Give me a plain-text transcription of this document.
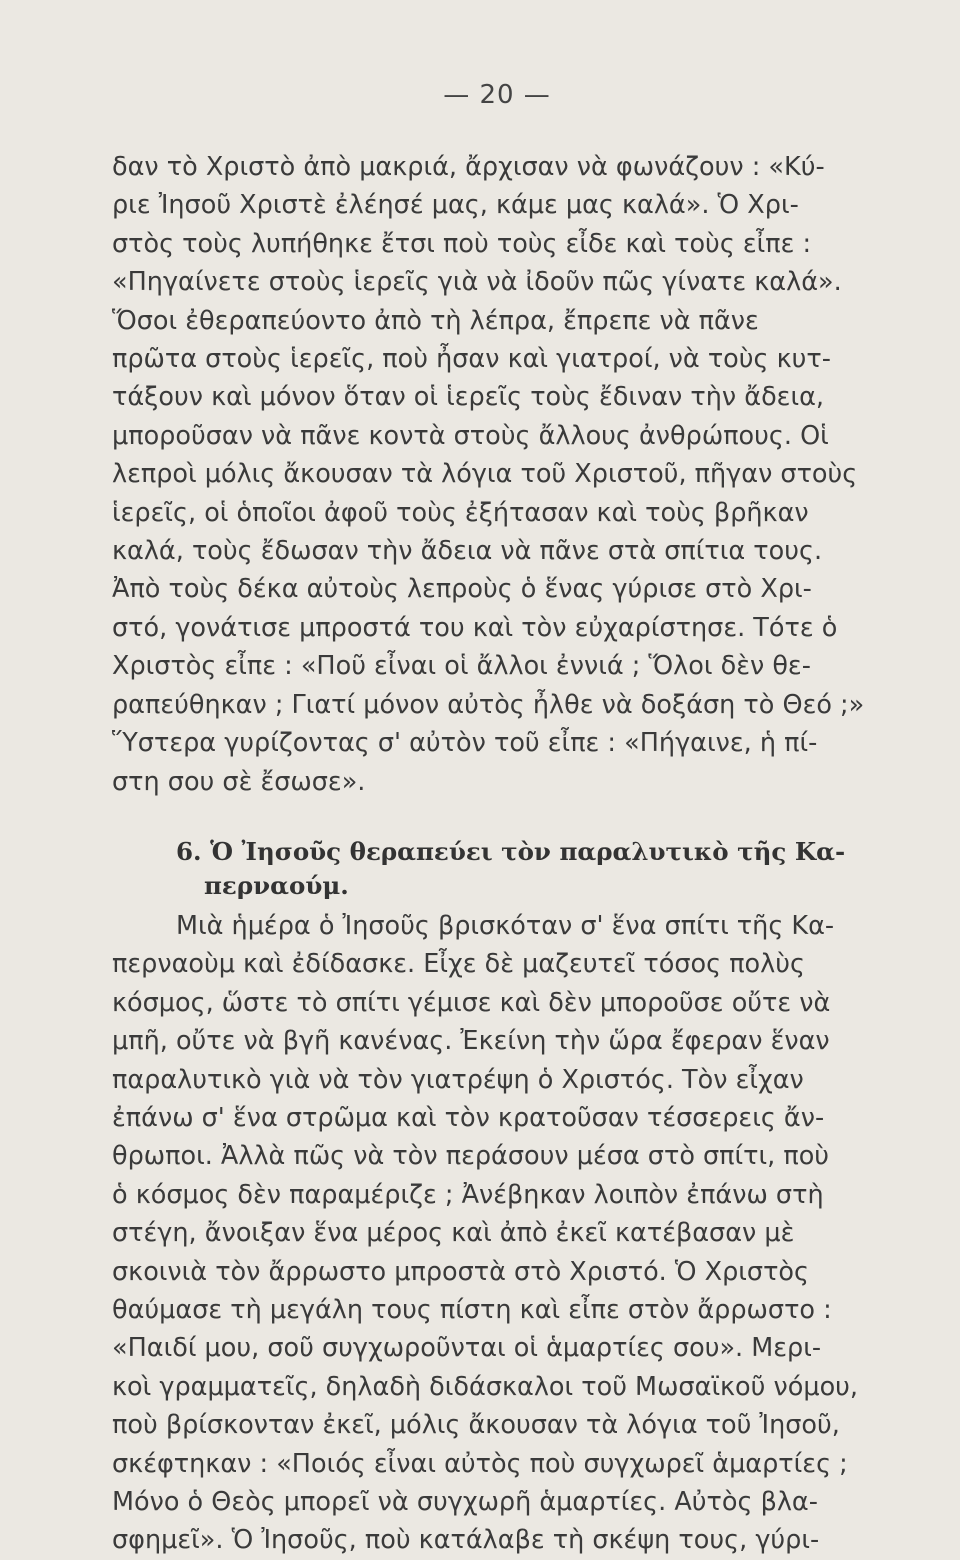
— 20 —
δαν τὸ Χριστὸ ἀπὸ μακριά, ἄρχισαν νὰ φωνάζουν : «Κύ-
ριε Ἰησοῦ Χριστὲ ἐλέησέ μας, κάμε μας καλά». Ὁ Χρι-
στὸς τοὺς λυπήθηκε ἔτσι ποὺ τοὺς εἶδε καὶ τοὺς εἶπε :
«Πηγαίνετε στοὺς ἱερεῖς γιὰ νὰ ἰδοῦν πῶς γίνατε καλά».
Ὅσοι ἐθεραπεύοντο ἀπὸ τὴ λέπρα, ἔπρεπε νὰ πᾶνε
πρῶτα στοὺς ἱερεῖς, ποὺ ἦσαν καὶ γιατροί, νὰ τοὺς κυτ-
τάξουν καὶ μόνον ὅταν οἱ ἱερεῖς τοὺς ἔδιναν τὴν ἄδεια,
μποροῦσαν νὰ πᾶνε κοντὰ στοὺς ἄλλους ἀνθρώπους. Οἱ
λεπροὶ μόλις ἄκουσαν τὰ λόγια τοῦ Χριστοῦ, πῆγαν στοὺς
ἱερεῖς, οἱ ὁποῖοι ἀφοῦ τοὺς ἐξήτασαν καὶ τοὺς βρῆκαν
καλά, τοὺς ἔδωσαν τὴν ἄδεια νὰ πᾶνε στὰ σπίτια τους.
Ἀπὸ τοὺς δέκα αὐτοὺς λεπροὺς ὁ ἕνας γύρισε στὸ Χρι-
στό, γονάτισε μπροστά του καὶ τὸν εὐχαρίστησε. Τότε ὁ
Χριστὸς εἶπε : «Ποῦ εἶναι οἱ ἄλλοι ἐννιά ; Ὅλοι δὲν θε-
ραπεύθηκαν ; Γιατί μόνον αὐτὸς ἦλθε νὰ δοξάση τὸ Θεό ;»
Ὕστερα γυρίζοντας σ' αὐτὸν τοῦ εἶπε : «Πήγαινε, ἡ πί-
στη σου σὲ ἔσωσε».
6. Ὁ Ἰησοῦς θεραπεύει τὸν παραλυτικὸ τῆς Κα-
περναούμ.
Μιὰ ἡμέρα ὁ Ἰησοῦς βρισκόταν σ' ἕνα σπίτι τῆς Κα-
περναοὺμ καὶ ἐδίδασκε. Εἶχε δὲ μαζευτεῖ τόσος πολὺς
κόσμος, ὥστε τὸ σπίτι γέμισε καὶ δὲν μποροῦσε οὔτε νὰ
μπῆ, οὔτε νὰ βγῆ κανένας. Ἐκείνη τὴν ὥρα ἔφεραν ἕναν
παραλυτικὸ γιὰ νὰ τὸν γιατρέψη ὁ Χριστός. Τὸν εἶχαν
ἐπάνω σ' ἕνα στρῶμα καὶ τὸν κρατοῦσαν τέσσερεις ἄν-
θρωποι. Ἀλλὰ πῶς νὰ τὸν περάσουν μέσα στὸ σπίτι, ποὺ
ὁ κόσμος δὲν παραμέριζε ; Ἀνέβηκαν λοιπὸν ἐπάνω στὴ
στέγη, ἄνοιξαν ἕνα μέρος καὶ ἀπὸ ἐκεῖ κατέβασαν μὲ
σκοινιὰ τὸν ἄρρωστο μπροστὰ στὸ Χριστό. Ὁ Χριστὸς
θαύμασε τὴ μεγάλη τους πίστη καὶ εἶπε στὸν ἄρρωστο :
«Παιδί μου, σοῦ συγχωροῦνται οἱ ἁμαρτίες σου». Μερι-
κοὶ γραμματεῖς, δηλαδὴ διδάσκαλοι τοῦ Μωσαϊκοῦ νόμου,
ποὺ βρίσκονταν ἐκεῖ, μόλις ἄκουσαν τὰ λόγια τοῦ Ἰησοῦ,
σκέφτηκαν : «Ποιός εἶναι αὐτὸς ποὺ συγχωρεῖ ἁμαρτίες ;
Μόνο ὁ Θεὸς μπορεῖ νὰ συγχωρῆ ἁμαρτίες. Αὐτὸς βλα-
σφημεῖ». Ὁ Ἰησοῦς, ποὺ κατάλαβε τὴ σκέψη τους, γύρι-
